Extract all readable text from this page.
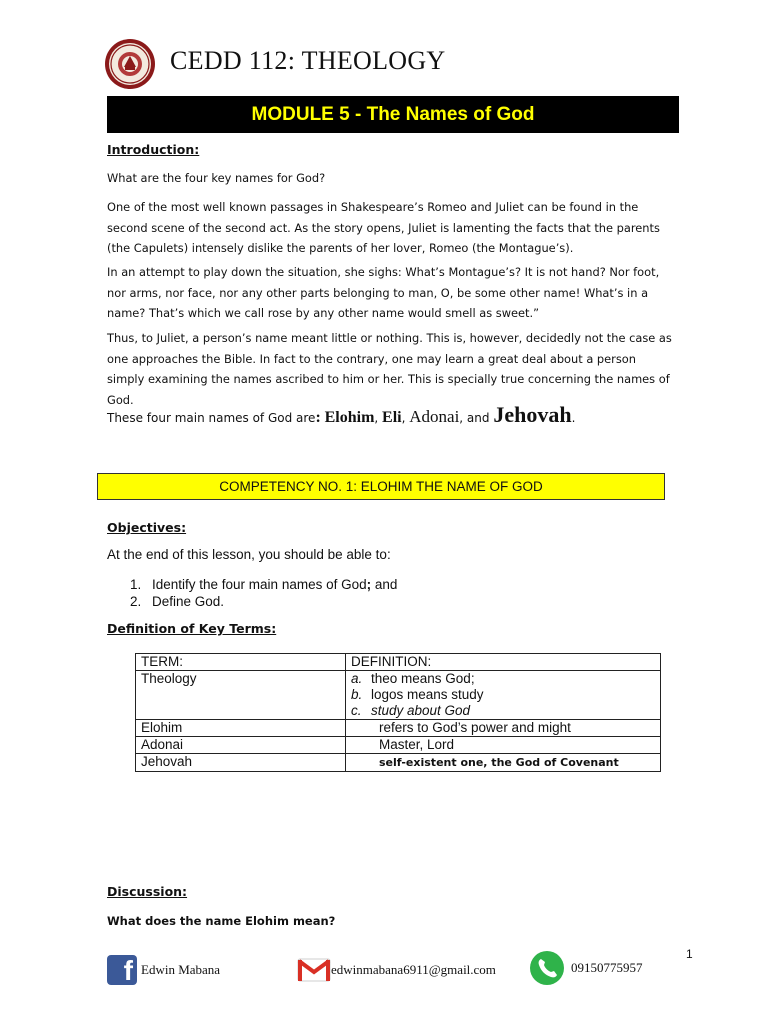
CEDD 112: THEOLOGY
MODULE 5 - The Names of God
Introduction:
What are the four key names for God?
One of the most well known passages in Shakespeare’s Romeo and Juliet can be found in the second scene of the second act. As the story opens, Juliet is lamenting the facts that the parents (the Capulets) intensely dislike the parents of her lover, Romeo (the Montague’s).
In an attempt to play down the situation, she sighs: What’s Montague’s? It is not hand? Nor foot, nor arms, nor face, nor any other parts belonging to man, O, be some other name! What’s in a name? That’s which we call rose by any other name would smell as sweet.”
Thus, to Juliet, a person’s name meant little or nothing. This is, however, decidedly not the case as one approaches the Bible. In fact to the contrary, one may learn a great deal about a person simply examining the names ascribed to him or her. This is specially true concerning the names of God.
These four main names of God are: Elohim, Eli, Adonai, and Jehovah.
COMPETENCY NO. 1: ELOHIM THE NAME OF GOD
Objectives:
At the end of this lesson, you should be able to:
1. Identify the four main names of God; and
2. Define God.
Definition of Key Terms:
TERM:	DEFINITION:
Theology	a. theo means God;
b. logos means study
c. study about God

Elohim	refers to God’s power and might
Adonai	Master, Lord
Jehovah	self-existent one, the God of Covenant
Discussion:
What does the name Elohim mean?
1
f Edwin Mabana	edwinmabana6911@gmail.com	09150775957
